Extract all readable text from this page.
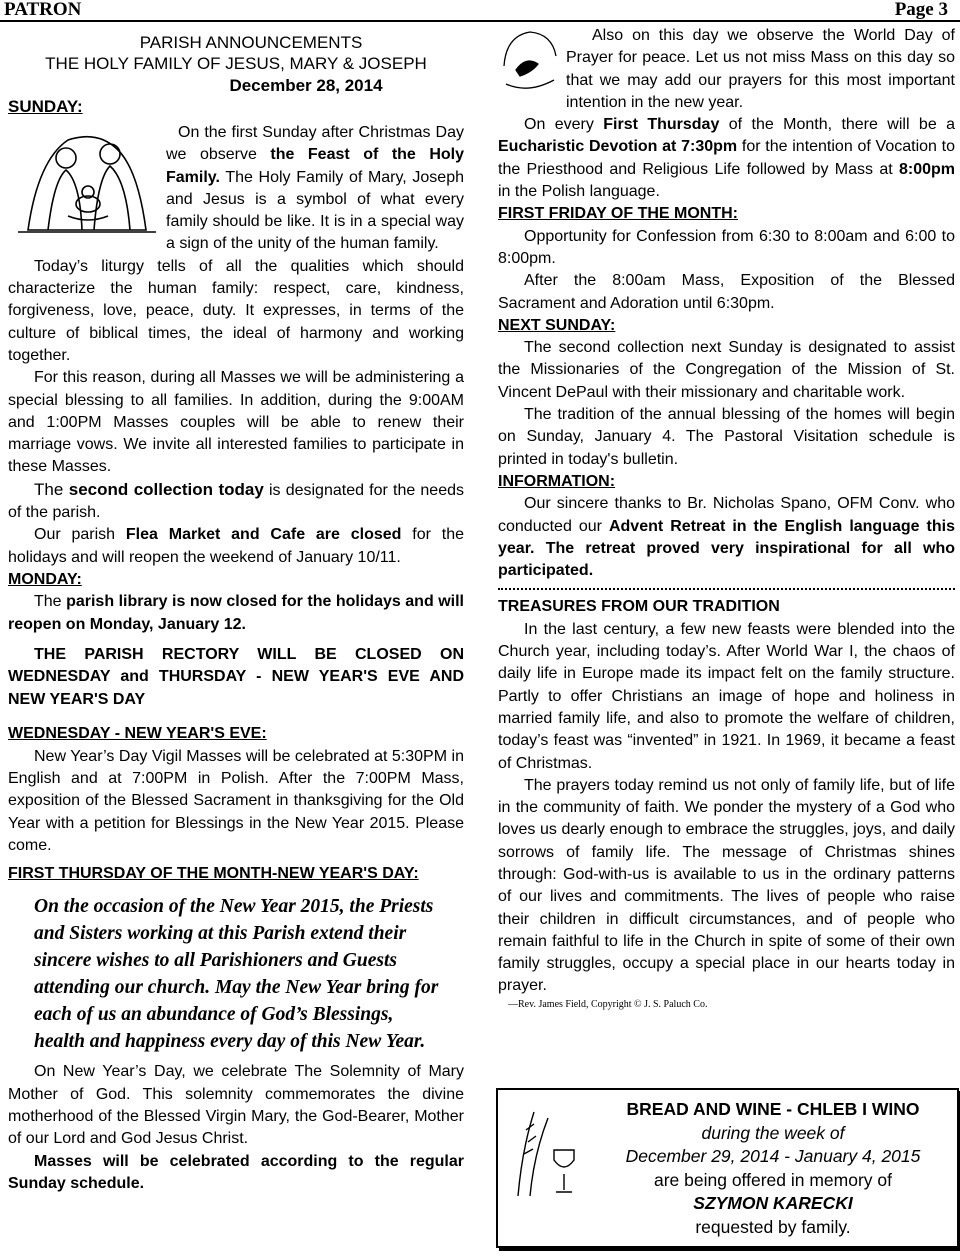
PATRON	Page 3

PARISH ANNOUNCEMENTS

THE HOLY FAMILY OF JESUS, MARY & JOSEPH

December 28, 2014

SUNDAY:

On the first Sunday after Christmas Day we observe the Feast of the Holy Family. The Holy Family of Mary, Joseph and Jesus is a symbol of what every family should be like. It is in a special way a sign of the unity of the human family.

Today’s liturgy tells of all the qualities which should characterize the human family: respect, care, kindness, forgiveness, love, peace, duty. It expresses, in terms of the culture of biblical times, the ideal of harmony and working together.

For this reason, during all Masses we will be administering a special blessing to all families. In addition, during the 9:00AM and 1:00PM Masses couples will be able to renew their marriage vows. We invite all interested families to participate in these Masses.

The second collection today is designated for the needs of the parish.

Our parish Flea Market and Cafe are closed for the holidays and will reopen the weekend of January 10/11.

MONDAY:

The parish library is now closed for the holidays and will reopen on Monday, January 12.

THE PARISH RECTORY WILL BE CLOSED ON WEDNESDAY and THURSDAY - NEW YEAR'S EVE AND NEW YEAR'S DAY

WEDNESDAY - NEW YEAR'S EVE:

New Year’s Day Vigil Masses will be celebrated at 5:30PM in English and at 7:00PM in Polish. After the 7:00PM Mass, exposition of the Blessed Sacrament in thanksgiving for the Old Year with a petition for Blessings in the New Year 2015. Please come.

FIRST THURSDAY OF THE MONTH-NEW YEAR'S DAY:

On the occasion of the New Year 2015, the Priests and Sisters working at this Parish extend their sincere wishes to all Parishioners and Guests attending our church. May the New Year bring for each of us an abundance of God’s Blessings, health and happiness every day of this New Year.

On New Year’s Day, we celebrate The Solemnity of Mary Mother of God. This solemnity commemorates the divine motherhood of the Blessed Virgin Mary, the God-Bearer, Mother of our Lord and God Jesus Christ.

Masses will be celebrated according to the regular Sunday schedule.

Also on this day we observe the World Day of Prayer for peace. Let us not miss Mass on this day so that we may add our prayers for this most important intention in the new year.

On every First Thursday of the Month, there will be a Eucharistic Devotion at 7:30pm for the intention of Vocation to the Priesthood and Religious Life followed by Mass at 8:00pm in the Polish language.

FIRST FRIDAY OF THE MONTH:

Opportunity for Confession from 6:30 to 8:00am and 6:00 to 8:00pm.

After the 8:00am Mass, Exposition of the Blessed Sacrament and Adoration until 6:30pm.

NEXT SUNDAY:

The second collection next Sunday is designated to assist the Missionaries of the Congregation of the Mission of St. Vincent DePaul with their missionary and charitable work.

The tradition of the annual blessing of the homes will begin on Sunday, January 4. The Pastoral Visitation schedule is printed in today's bulletin.

INFORMATION:

Our sincere thanks to Br. Nicholas Spano, OFM Conv. who conducted our Advent Retreat in the English language this year. The retreat proved very inspirational for all who participated.

TREASURES FROM OUR TRADITION

In the last century, a few new feasts were blended into the Church year, including today’s. After World War I, the chaos of daily life in Europe made its impact felt on the family structure. Partly to offer Christians an image of hope and holiness in married family life, and also to promote the welfare of children, today’s feast was “invented” in 1921. In 1969, it became a feast of Christmas.

The prayers today remind us not only of family life, but of life in the community of faith. We ponder the mystery of a God who loves us dearly enough to embrace the struggles, joys, and daily sorrows of family life. The message of Christmas shines through: God-with-us is available to us in the ordinary patterns of our lives and commitments. The lives of people who raise their children in difficult circumstances, and of people who remain faithful to life in the Church in spite of some of their own family struggles, occupy a special place in our hearts today in prayer.

—Rev. James Field, Copyright © J. S. Paluch Co.

BREAD AND WINE - CHLEB I WINO
during the week of
December 29, 2014 - January 4, 2015
are being offered in memory of
SZYMON KARECKI
requested by family.
